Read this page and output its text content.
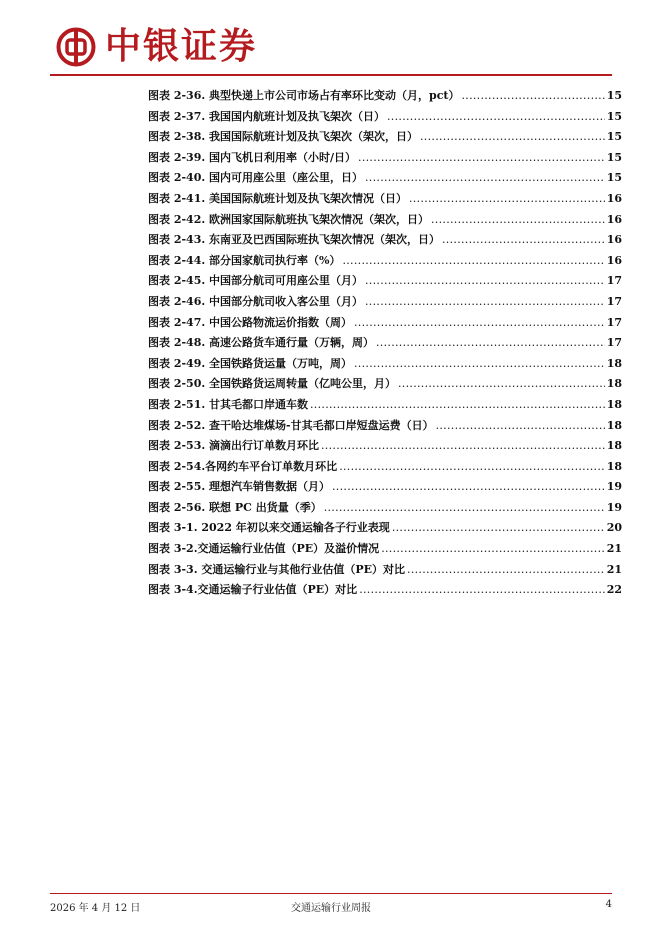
中银证券
图表 2-36. 典型快递上市公司市场占有率环比变动（月，pct） .....	15
图表 2-37. 我国国内航班计划及执飞架次（日） .....	15
图表 2-38. 我国国际航班计划及执飞架次（架次，日） .....	15
图表 2-39. 国内飞机日利用率（小时/日） .....	15
图表 2-40. 国内可用座公里（座公里，日） .....	15
图表 2-41. 美国国际航班计划及执飞架次情况（日） .....	16
图表 2-42. 欧洲国家国际航班执飞架次情况（架次，日） .....	16
图表 2-43. 东南亚及巴西国际班执飞架次情况（架次，日） .....	16
图表 2-44. 部分国家航司执行率（%） .....	16
图表 2-45. 中国部分航司可用座公里（月） .....	17
图表 2-46. 中国部分航司收入客公里（月） .....	17
图表 2-47. 中国公路物流运价指数（周） .....	17
图表 2-48. 高速公路货车通行量（万辆，周） .....	17
图表 2-49. 全国铁路货运量（万吨，周） .....	18
图表 2-50. 全国铁路货运周转量（亿吨公里，月） .....	18
图表 2-51. 甘其毛都口岸通车数 .....	18
图表 2-52. 查干哈达堆煤场-甘其毛都口岸短盘运费（日） .....	18
图表 2-53. 滴滴出行订单数月环比 .....	18
图表 2-54.各网约车平台订单数月环比 .....	18
图表 2-55. 理想汽车销售数据（月） .....	19
图表 2-56. 联想 PC 出货量（季） .....	19
图表 3-1. 2022 年初以来交通运输各子行业表现 .....	20
图表 3-2.交通运输行业估值（PE）及溢价情况 .....	21
图表 3-3. 交通运输行业与其他行业估值（PE）对比 .....	21
图表 3-4.交通运输子行业估值（PE）对比 .....	22
2026 年 4 月 12 日	交通运输行业周报	4
